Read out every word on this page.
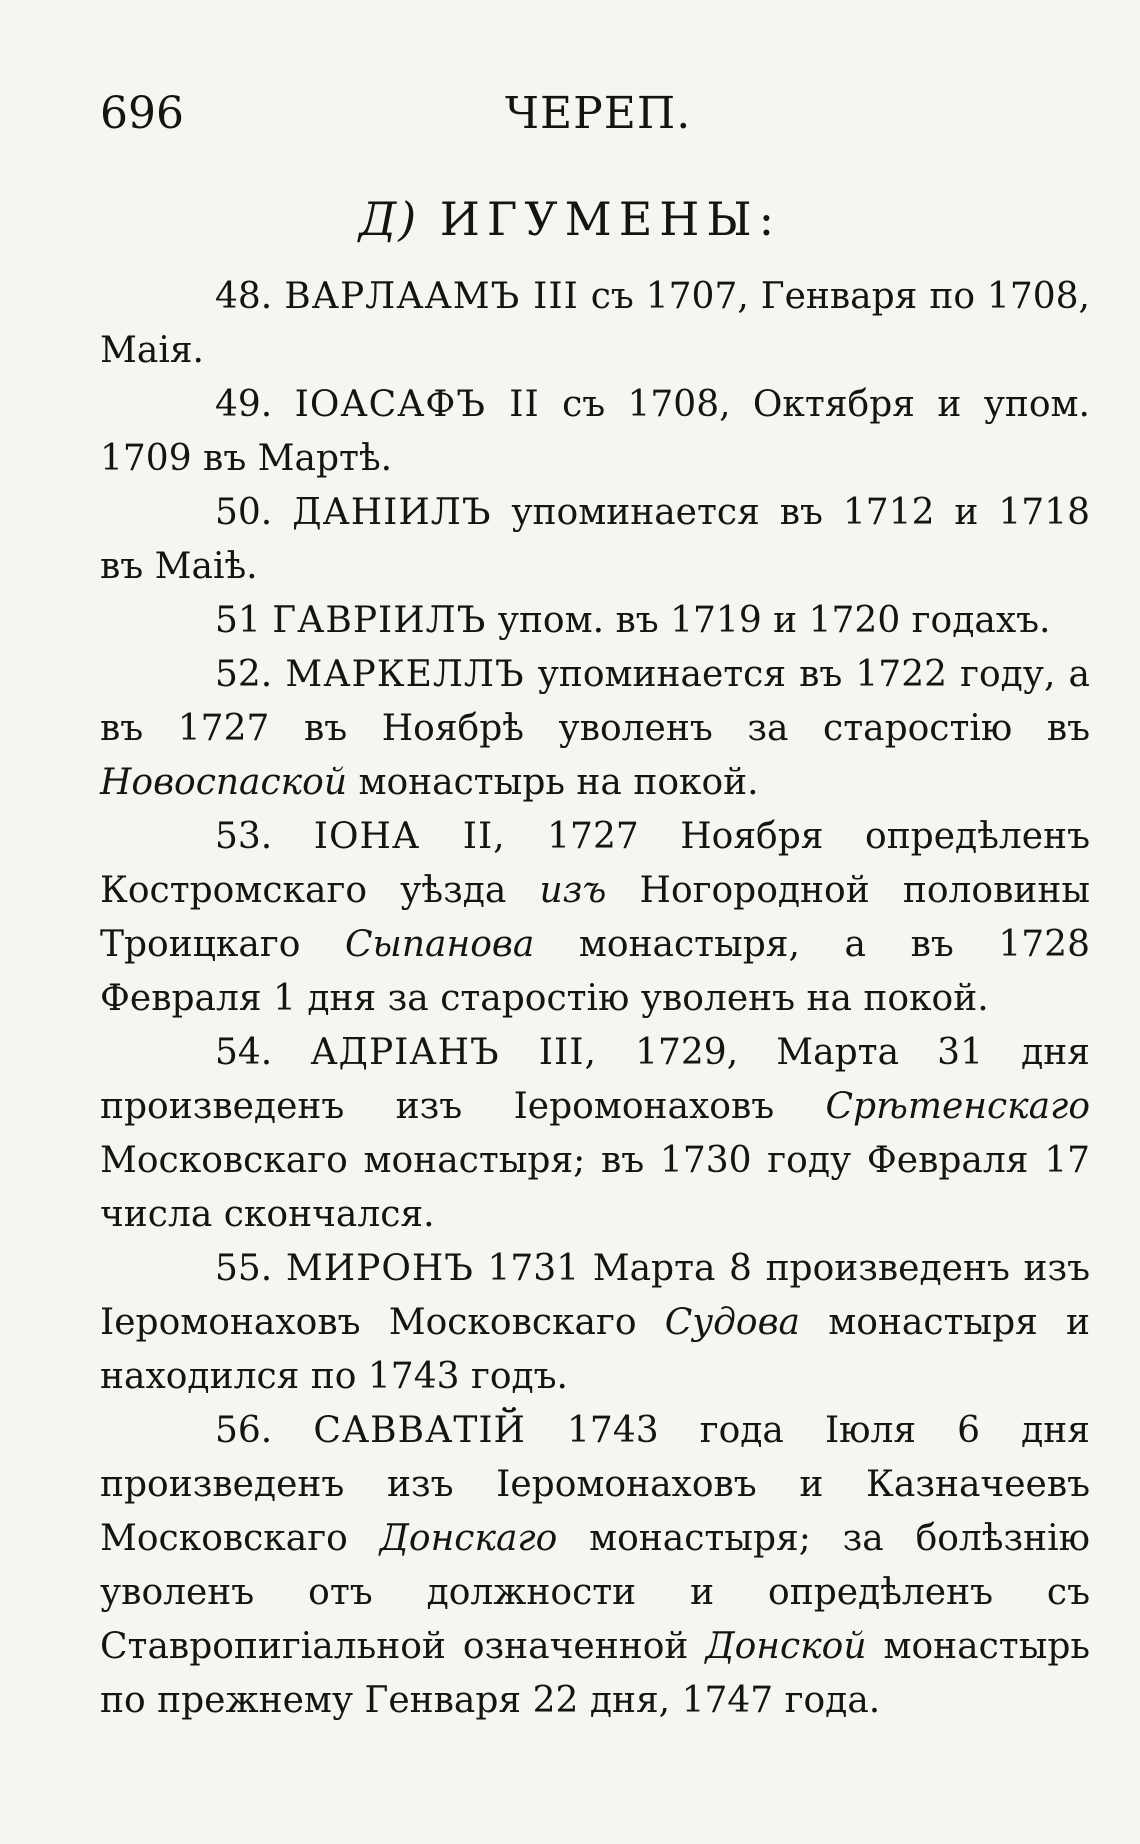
696	ЧЕРЕП.
Д) ИГУМЕНЫ:

48. ВАРЛААМЪ III съ 1707, Генваря по 1708, Маія.

49. ІОАСАФЪ II съ 1708, Октября и упом. 1709 въ Мартѣ.

50. ДАНІИЛЪ упоминается въ 1712 и 1718 въ Маіѣ.

51 ГАВРІИЛЪ упом. въ 1719 и 1720 годахъ.

52. МАРКЕЛЛЪ упоминается въ 1722 году, а въ 1727 въ Ноябрѣ уволенъ за старостію въ Новоспаской монастырь на покой.

53. ІОНА II, 1727 Ноября опредѣленъ Костромскаго уѣзда изъ Ногородной половины Троицкаго Сыпанова монастыря, а въ 1728 Февраля 1 дня за старостію уволенъ на покой.

54. АДРІАНЪ III, 1729, Марта 31 дня произведенъ изъ Іеромонаховъ Срѣтенскаго Московскаго монастыря; въ 1730 году Февраля 17 числа скончался.

55. МИРОНЪ 1731 Марта 8 произведенъ изъ Іеромонаховъ Московскаго Судова монастыря и находился по 1743 годъ.

56. САВВАТІЙ 1743 года Іюля 6 дня произведенъ изъ Іеромонаховъ и Казначеевъ Московскаго Донскаго монастыря; за болѣзнію уволенъ отъ должности и опредѣленъ съ Ставропигіальной означенной Донской монастырь по прежнему Генваря 22 дня, 1747 года.
